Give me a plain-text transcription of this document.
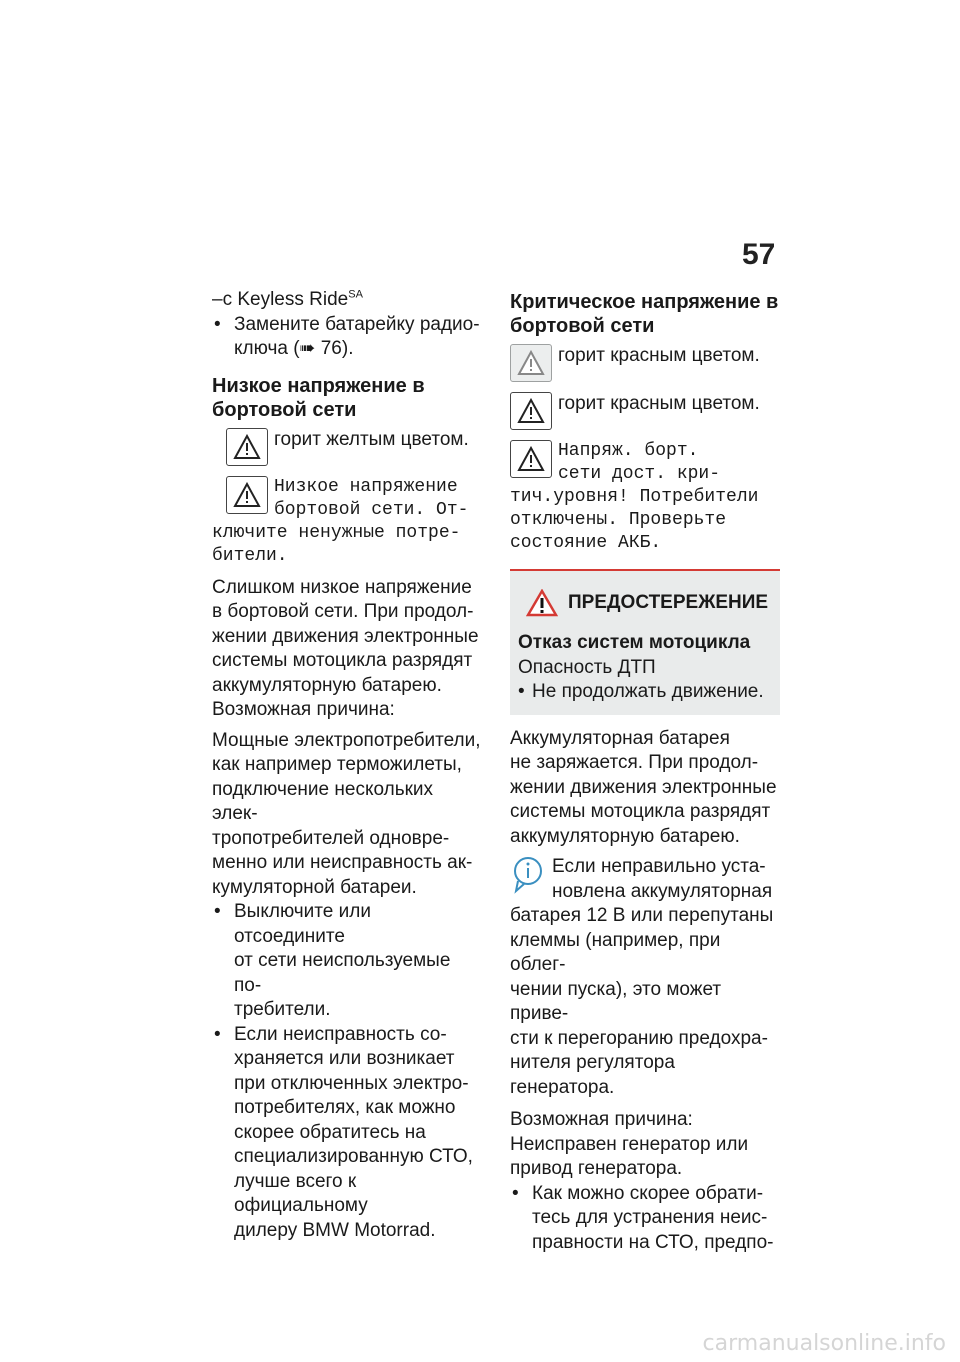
57

–с Keyless Ride$^{SA}$

• Замените батарейку радио-

ключа (➠ 76).

Низкое напряжение в
бортовой сети

горит желтым цветом.

Низкое напряжение
бортовой сети. От-
ключите ненужные потре-
бители.

Слишком низкое напряжение

в бортовой сети. При продол-

жении движения электронные

системы мотоцикла разрядят

аккумуляторную батарею.

Возможная причина:

Мощные электропотребители,

как например терможилеты,

подключение нескольких элек-

тропотребителей одновре-

менно или неисправность ак-

кумуляторной батареи.

• Выключите или отсоедините

от сети неиспользуемые по-

требители.

• Если неисправность со-

храняется или возникает

при отключенных электро-

потребителях, как можно

скорее обратитесь на

специализированную СТО,

лучше всего к официальному

дилеру BMW Motorrad.

Критическое напряжение в
бортовой сети

горит красным цветом.

горит красным цветом.

Напряж. борт.
сети дост. кри-
тич.уровня! Потребители
отключены. Проверьте
состояние АКБ.
ПРЕДОСТЕРЕЖЕНИЕ

Отказ систем мотоцикла

Опасность ДТП

• Не продолжать движение.

Аккумуляторная батарея

не заряжается. При продол-

жении движения электронные

системы мотоцикла разрядят

аккумуляторную батарею.

Если неправильно уста-

новлена аккумуляторная

батарея 12 В или перепутаны

клеммы (например, при облег-

чении пуска), это может приве-

сти к перегоранию предохра-

нителя регулятора генератора.

Возможная причина:

Неисправен генератор или

привод генератора.

• Как можно скорее обрати-

тесь для устранения неис-

правности на СТО, предпо-

carmanualsonline.info
